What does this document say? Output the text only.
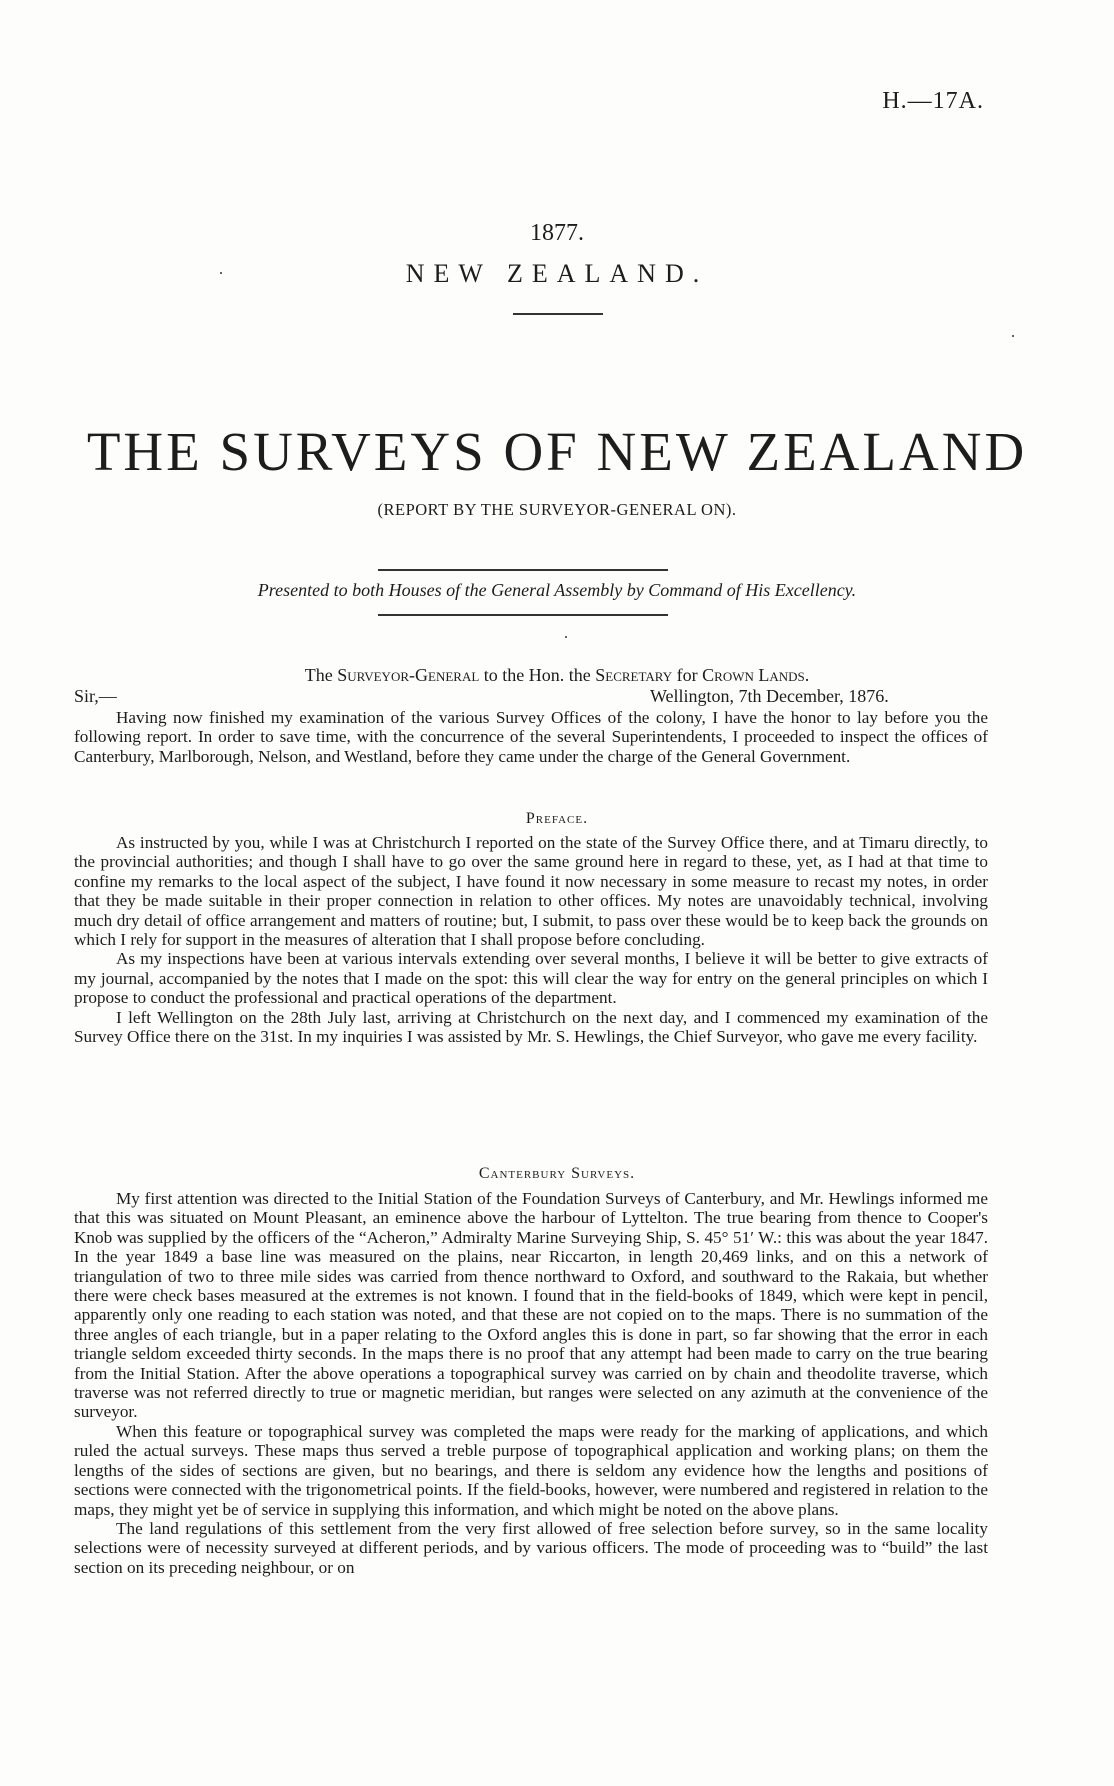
H.—17A.
1877.
NEW ZEALAND.
THE SURVEYS OF NEW ZEALAND
(REPORT BY THE SURVEYOR-GENERAL ON).
Presented to both Houses of the General Assembly by Command of His Excellency.
The Surveyor-General to the Hon. the Secretary for Crown Lands.
Sir,—	Wellington, 7th December, 1876.

Having now finished my examination of the various Survey Offices of the colony, I have the honor to lay before you the following report. In order to save time, with the concurrence of the several Superintendents, I proceeded to inspect the offices of Canterbury, Marlborough, Nelson, and Westland, before they came under the charge of the General Government.

Preface.

As instructed by you, while I was at Christchurch I reported on the state of the Survey Office there, and at Timaru directly, to the provincial authorities; and though I shall have to go over the same ground here in regard to these, yet, as I had at that time to confine my remarks to the local aspect of the subject, I have found it now necessary in some measure to recast my notes, in order that they be made suitable in their proper connection in relation to other offices. My notes are unavoidably technical, involving much dry detail of office arrangement and matters of routine; but, I submit, to pass over these would be to keep back the grounds on which I rely for support in the measures of alteration that I shall propose before concluding.

As my inspections have been at various intervals extending over several months, I believe it will be better to give extracts of my journal, accompanied by the notes that I made on the spot: this will clear the way for entry on the general principles on which I propose to conduct the professional and practical operations of the department.

I left Wellington on the 28th July last, arriving at Christchurch on the next day, and I commenced my examination of the Survey Office there on the 31st. In my inquiries I was assisted by Mr. S. Hewlings, the Chief Surveyor, who gave me every facility.

Canterbury Surveys.

My first attention was directed to the Initial Station of the Foundation Surveys of Canterbury, and Mr. Hewlings informed me that this was situated on Mount Pleasant, an eminence above the harbour of Lyttelton. The true bearing from thence to Cooper's Knob was supplied by the officers of the “Acheron,” Admiralty Marine Surveying Ship, S. 45° 51′ W.: this was about the year 1847. In the year 1849 a base line was measured on the plains, near Riccarton, in length 20,469 links, and on this a network of triangulation of two to three mile sides was carried from thence northward to Oxford, and southward to the Rakaia, but whether there were check bases measured at the extremes is not known. I found that in the field-books of 1849, which were kept in pencil, apparently only one reading to each station was noted, and that these are not copied on to the maps. There is no summation of the three angles of each triangle, but in a paper relating to the Oxford angles this is done in part, so far showing that the error in each triangle seldom exceeded thirty seconds. In the maps there is no proof that any attempt had been made to carry on the true bearing from the Initial Station. After the above operations a topographical survey was carried on by chain and theodolite traverse, which traverse was not referred directly to true or magnetic meridian, but ranges were selected on any azimuth at the convenience of the surveyor.

When this feature or topographical survey was completed the maps were ready for the marking of applications, and which ruled the actual surveys. These maps thus served a treble purpose of topographical application and working plans; on them the lengths of the sides of sections are given, but no bearings, and there is seldom any evidence how the lengths and positions of sections were connected with the trigonometrical points. If the field-books, however, were numbered and registered in relation to the maps, they might yet be of service in supplying this information, and which might be noted on the above plans.

The land regulations of this settlement from the very first allowed of free selection before survey, so in the same locality selections were of necessity surveyed at different periods, and by various officers. The mode of proceeding was to “build” the last section on its preceding neighbour, or on
